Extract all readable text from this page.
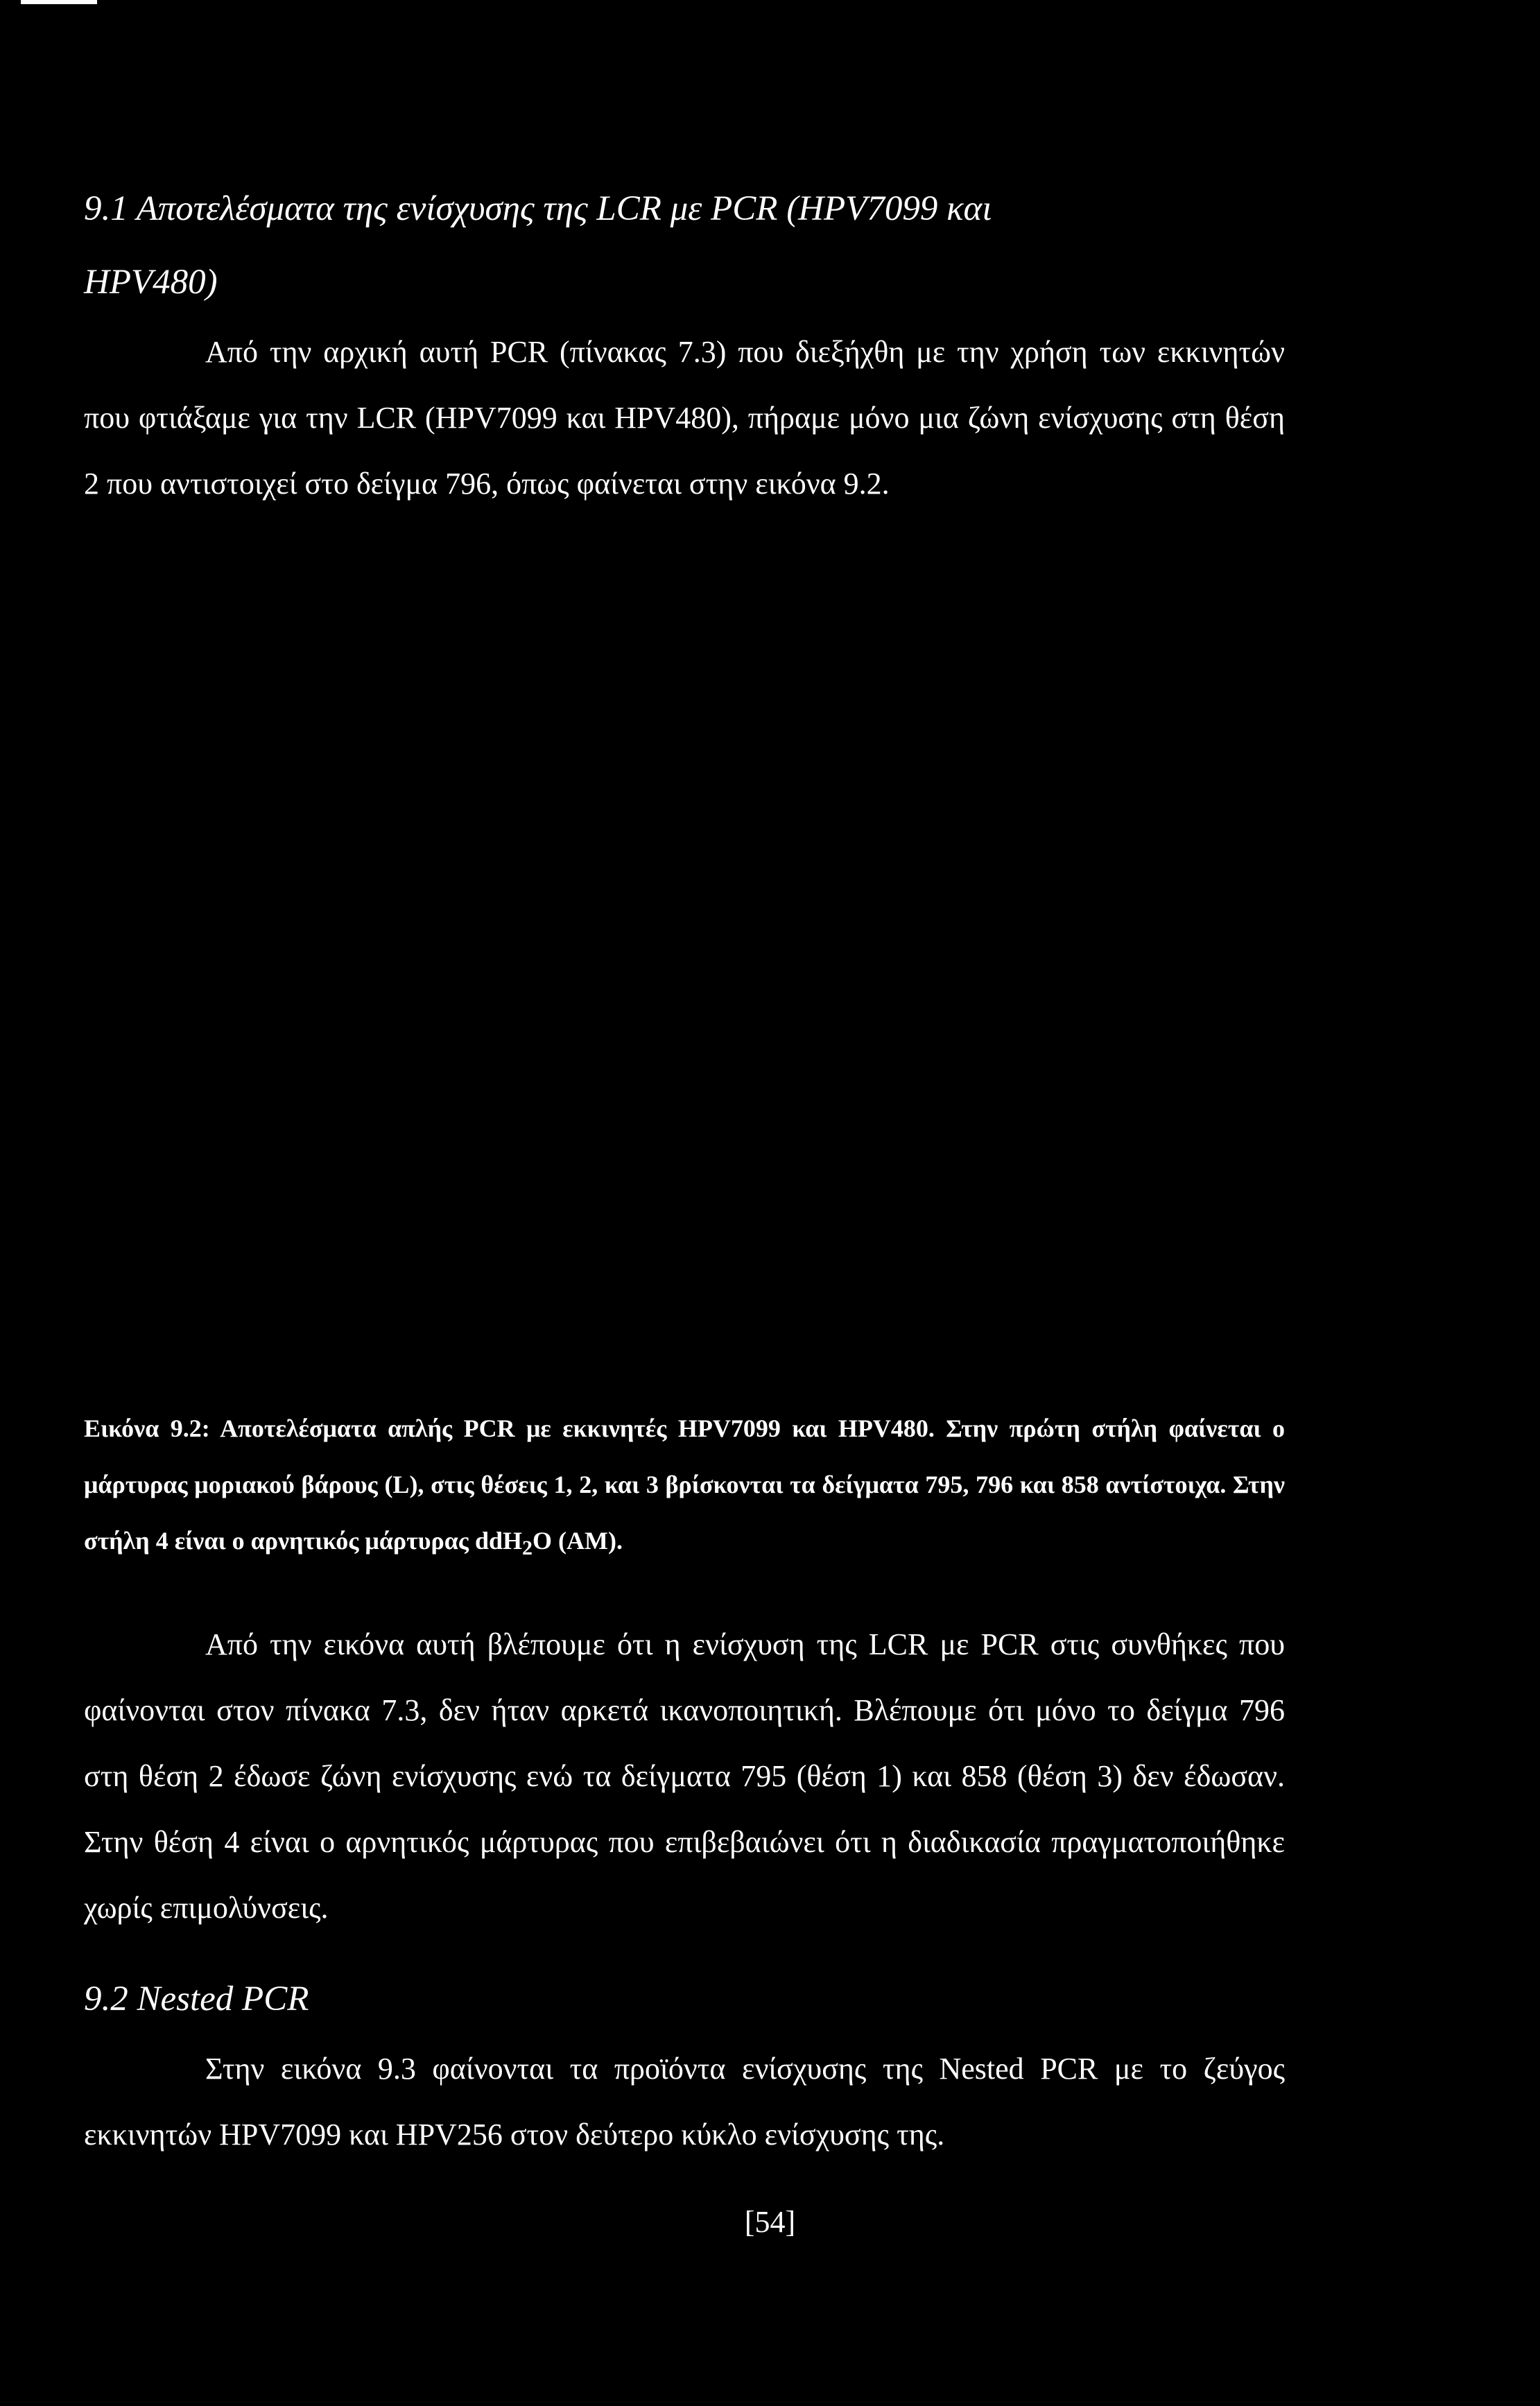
9.1 Αποτελέσματα της ενίσχυσης της LCR με PCR (HPV7099 και
HPV480)

Από την αρχική αυτή PCR (πίνακας 7.3) που διεξήχθη με την χρήση των εκκινητών που φτιάξαμε για την LCR (HPV7099 και HPV480), πήραμε μόνο μια ζώνη ενίσχυσης στη θέση 2 που αντιστοιχεί στο δείγμα 796, όπως φαίνεται στην εικόνα 9.2.

Εικόνα 9.2: Αποτελέσματα απλής PCR με εκκινητές HPV7099 και HPV480. Στην πρώτη στήλη φαίνεται ο μάρτυρας μοριακού βάρους (L), στις θέσεις 1, 2, και 3 βρίσκονται τα δείγματα 795, 796 και 858 αντίστοιχα. Στην στήλη 4 είναι ο αρνητικός μάρτυρας ddH$_2$O (AM).

Από την εικόνα αυτή βλέπουμε ότι η ενίσχυση της LCR με PCR στις συνθήκες που φαίνονται στον πίνακα 7.3, δεν ήταν αρκετά ικανοποιητική. Βλέπουμε ότι μόνο το δείγμα 796 στη θέση 2 έδωσε ζώνη ενίσχυσης ενώ τα δείγματα 795 (θέση 1) και 858 (θέση 3) δεν έδωσαν. Στην θέση 4 είναι ο αρνητικός μάρτυρας που επιβεβαιώνει ότι η διαδικασία πραγματοποιήθηκε χωρίς επιμολύνσεις.

9.2 Nested PCR

Στην εικόνα 9.3 φαίνονται τα προϊόντα ενίσχυσης της Nested PCR με το ζεύγος εκκινητών HPV7099 και HPV256 στον δεύτερο κύκλο ενίσχυσης της.

[54]
